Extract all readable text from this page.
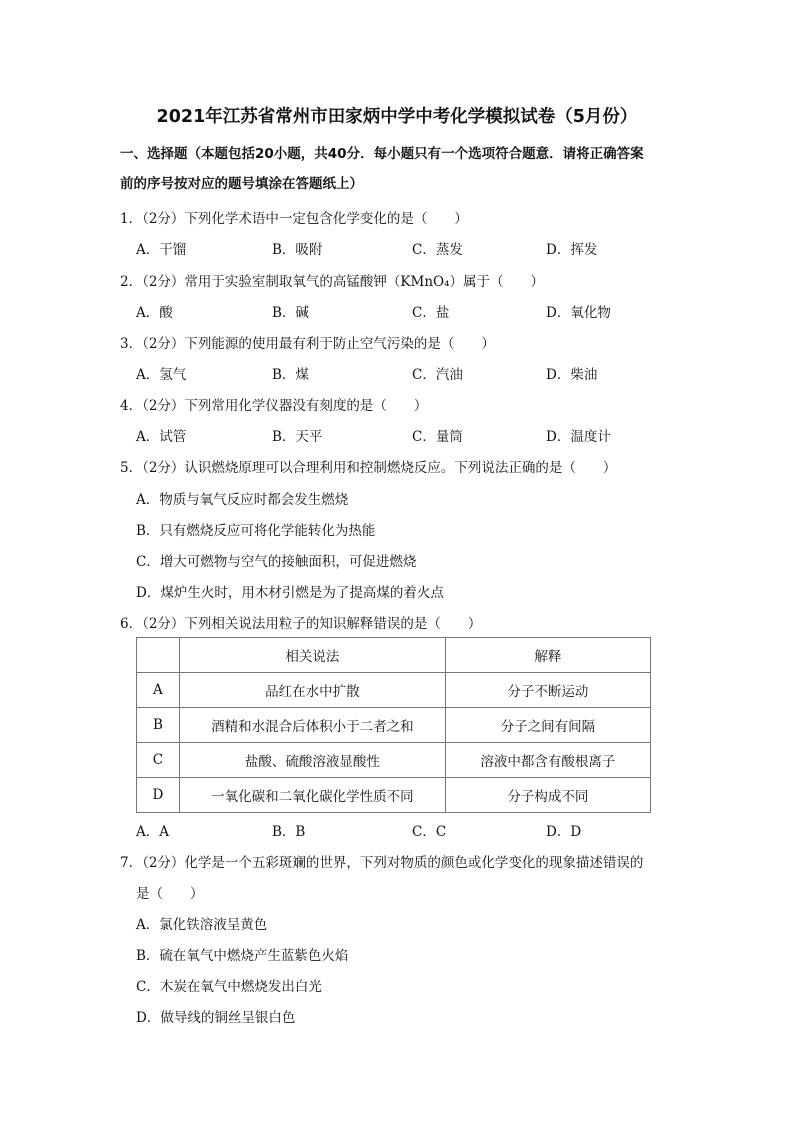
2021年江苏省常州市田家炳中学中考化学模拟试卷（5月份）
一、选择题（本题包括20小题，共40分．每小题只有一个选项符合题意．请将正确答案
前的序号按对应的题号填涂在答题纸上）
1．（2分）下列化学术语中一定包含化学变化的是（　　）
A．干馏	B．吸附	C．蒸发	D．挥发
2．（2分）常用于实验室制取氧气的高锰酸钾（KMnO₄）属于（　　）
A．酸	B．碱	C．盐	D．氧化物
3．（2分）下列能源的使用最有利于防止空气污染的是（　　）
A．氢气	B．煤	C．汽油	D．柴油
4．（2分）下列常用化学仪器没有刻度的是（　　）
A．试管	B．天平	C．量筒	D．温度计
5．（2分）认识燃烧原理可以合理利用和控制燃烧反应。下列说法正确的是（　　）
A．物质与氧气反应时都会发生燃烧
B．只有燃烧反应可将化学能转化为热能
C．增大可燃物与空气的接触面积，可促进燃烧
D．煤炉生火时，用木材引燃是为了提高煤的着火点
6．（2分）下列相关说法用粒子的知识解释错误的是（　　）
	相关说法	解释
A	品红在水中扩散	分子不断运动
B	酒精和水混合后体积小于二者之和	分子之间有间隔
C	盐酸、硫酸溶液显酸性	溶液中都含有酸根离子
D	一氧化碳和二氧化碳化学性质不同	分子构成不同
A．A	B．B	C．C	D．D
7．（2分）化学是一个五彩斑斓的世界，下列对物质的颜色或化学变化的现象描述错误的
是（　　）
A．氯化铁溶液呈黄色
B．硫在氧气中燃烧产生蓝紫色火焰
C．木炭在氧气中燃烧发出白光
D．做导线的铜丝呈银白色
